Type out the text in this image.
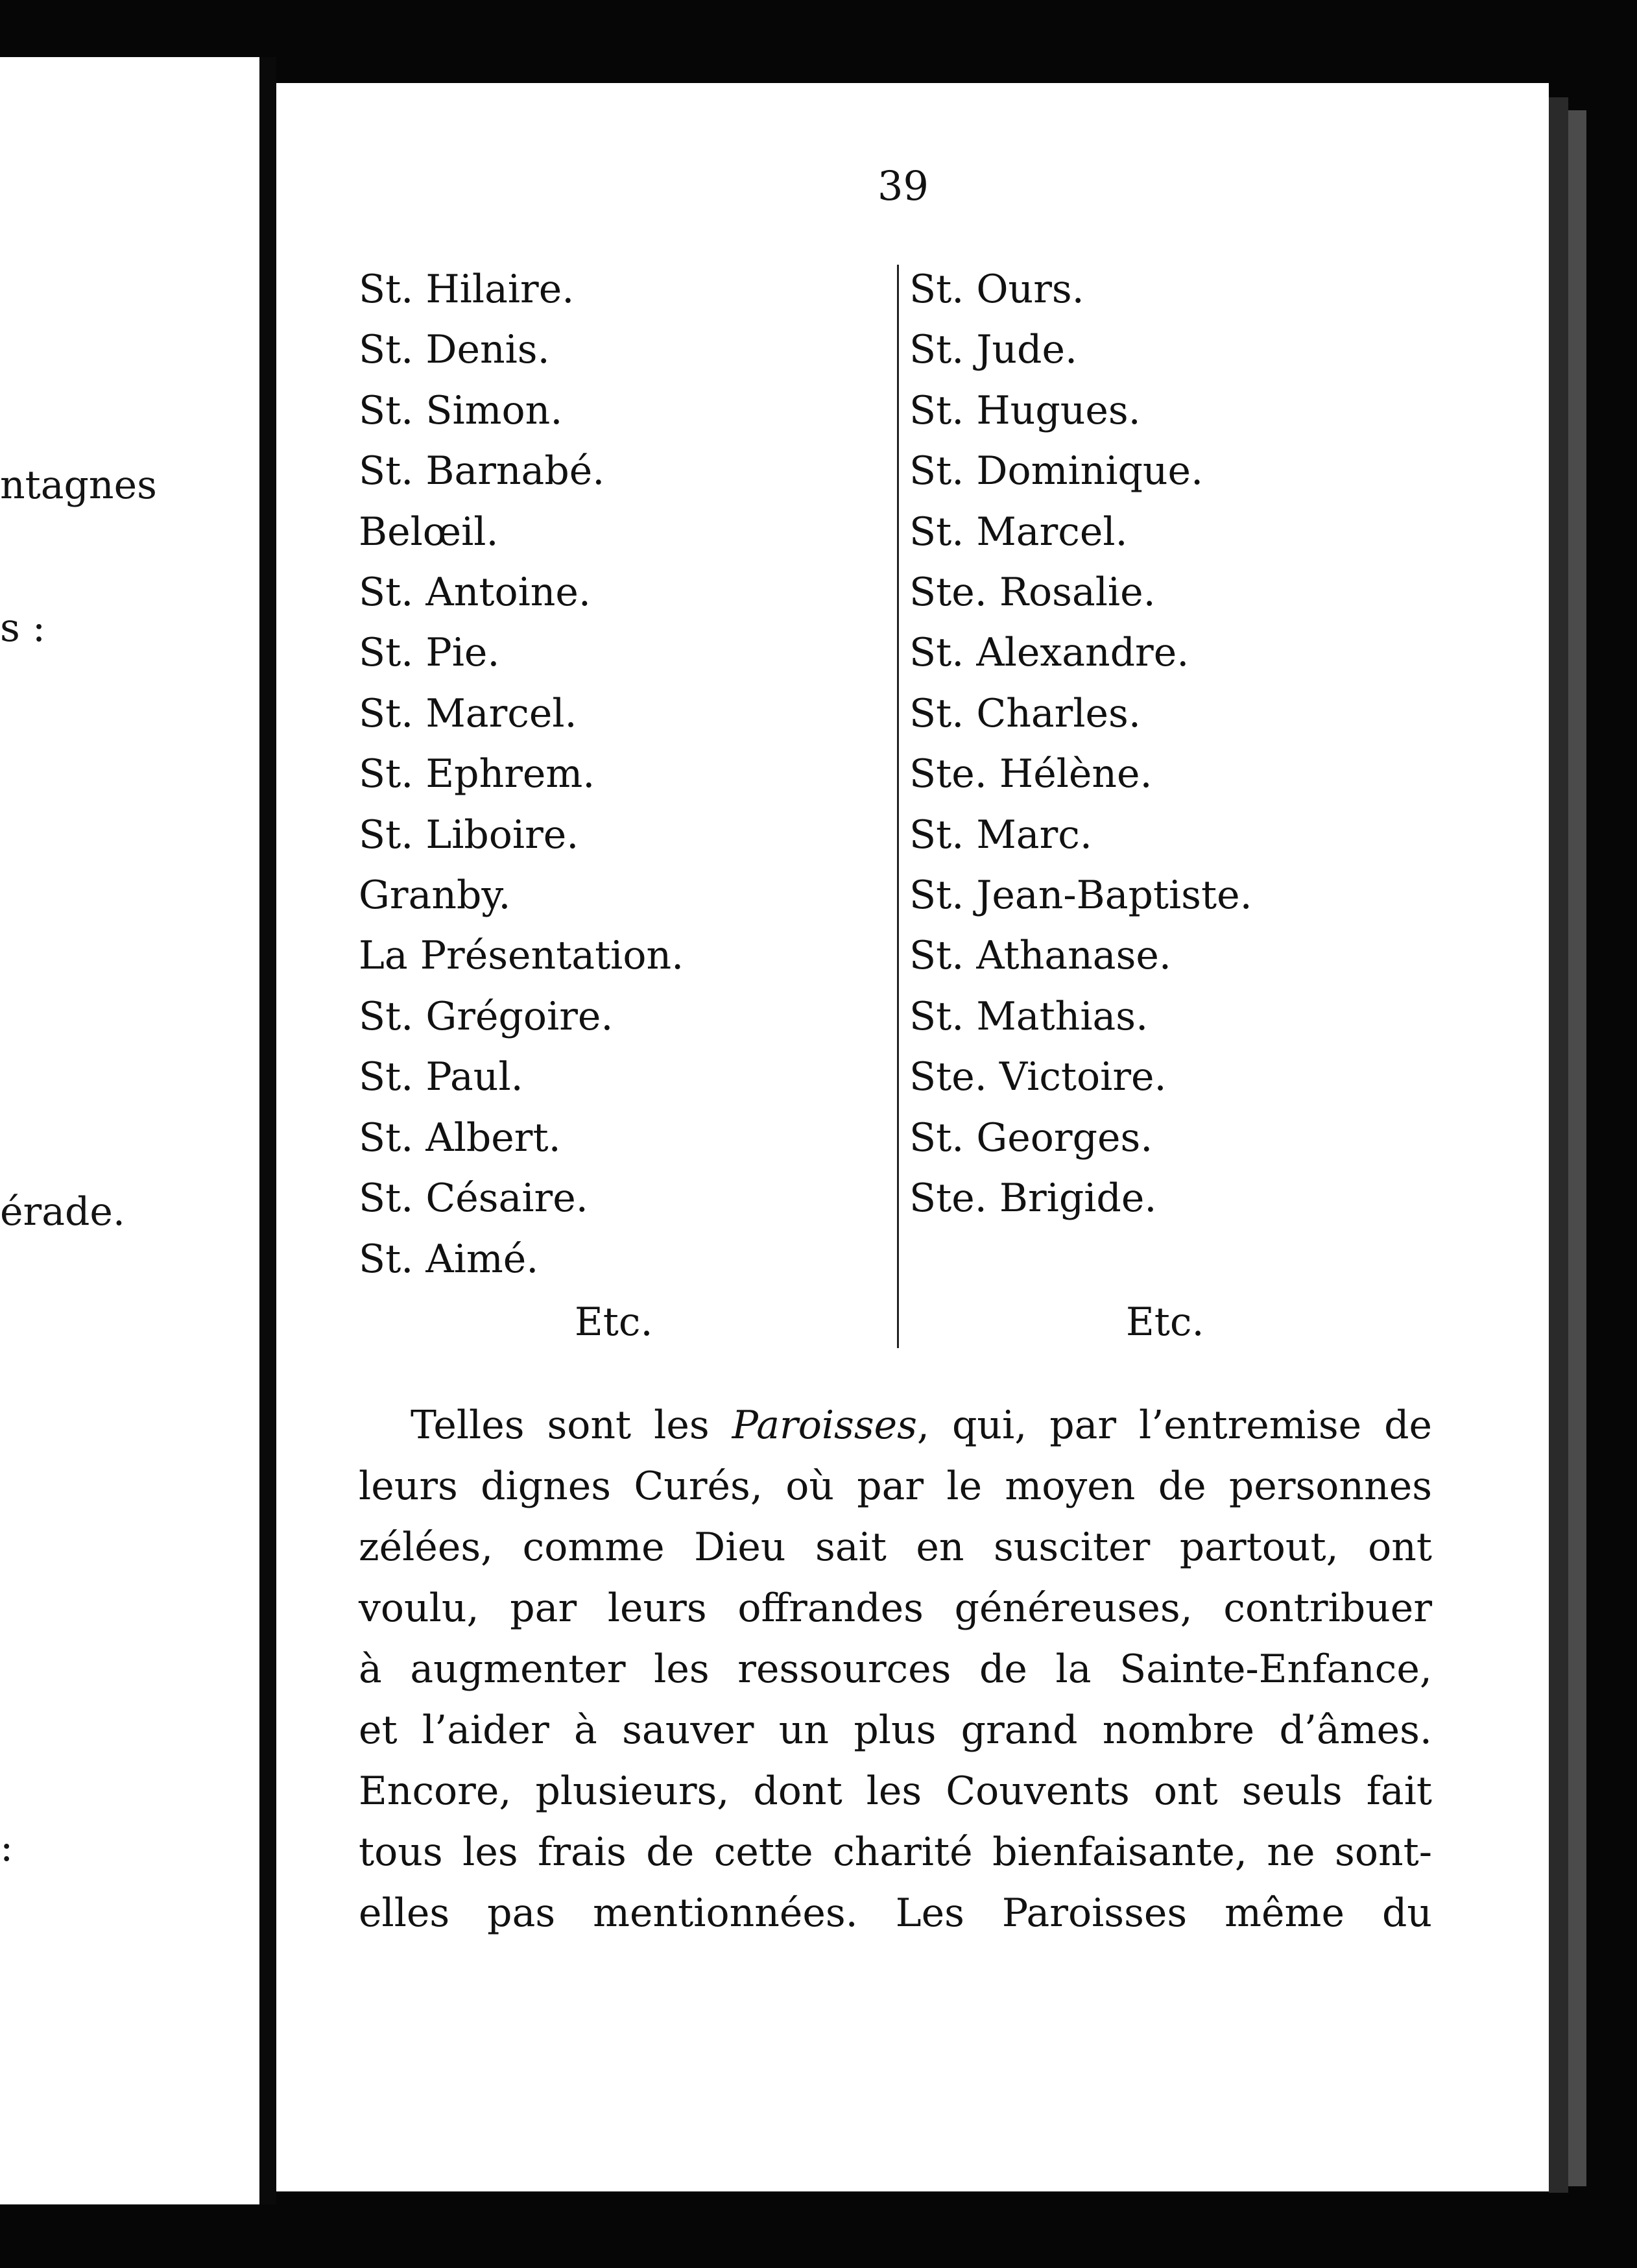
ntagnes
s :
érade.
:
39
St. Hilaire.
St. Denis.
St. Simon.
St. Barnabé.
Belœil.
St. Antoine.
St. Pie.
St. Marcel.
St. Ephrem.
St. Liboire.
Granby.
La Présentation.
St. Grégoire.
St. Paul.
St. Albert.
St. Césaire.
St. Aimé.
St. Ours.
St. Jude.
St. Hugues.
St. Dominique.
St. Marcel.
Ste. Rosalie.
St. Alexandre.
St. Charles.
Ste. Hélène.
St. Marc.
St. Jean-Baptiste.
St. Athanase.
St. Mathias.
Ste. Victoire.
St. Georges.
Ste. Brigide.
Etc.	Etc.
Telles sont les Paroisses, qui, par l’entremise de
leurs dignes Curés, où par le moyen de personnes
zélées, comme Dieu sait en susciter partout, ont
voulu, par leurs offrandes généreuses, contribuer
à augmenter les ressources de la Sainte-Enfance,
et l’aider à sauver un plus grand nombre d’âmes.
Encore, plusieurs, dont les Couvents ont seuls fait
tous les frais de cette charité bienfaisante, ne sont-
elles pas mentionnées. Les Paroisses même du
